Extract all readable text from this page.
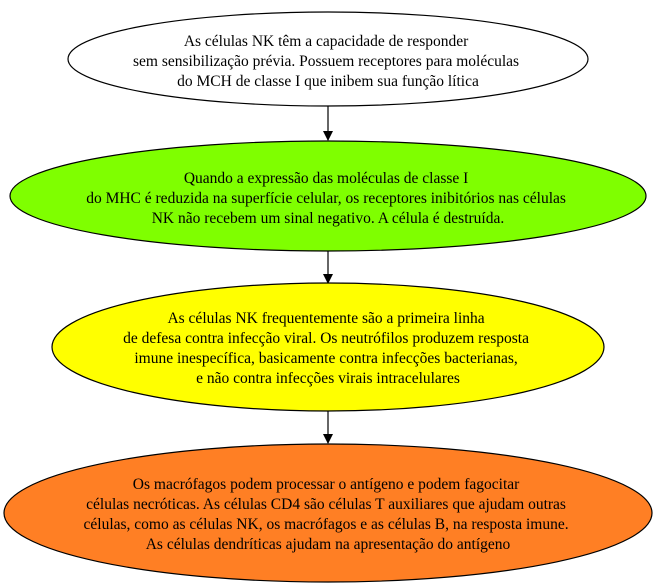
As células NK têm a capacidade de responder sem sensibilização prévia. Possuem receptores para moléculas do MCH de classe I que inibem sua função lítica
Quando a expressão das moléculas de classe I do MHC é reduzida na superfície celular, os receptores inibitórios nas células NK não recebem um sinal negativo. A célula é destruída.
As células NK frequentemente são a primeira linha de defesa contra infecção viral. Os neutrófilos produzem resposta imune inespecífica, basicamente contra infecções bacterianas, e não contra infecções virais intracelulares
Os macrófagos podem processar o antígeno e podem fagocitar células necróticas. As células CD4 são células T auxiliares que ajudam outras células, como as células NK, os macrófagos e as células B, na resposta imune. As células dendríticas ajudam na apresentação do antígeno
